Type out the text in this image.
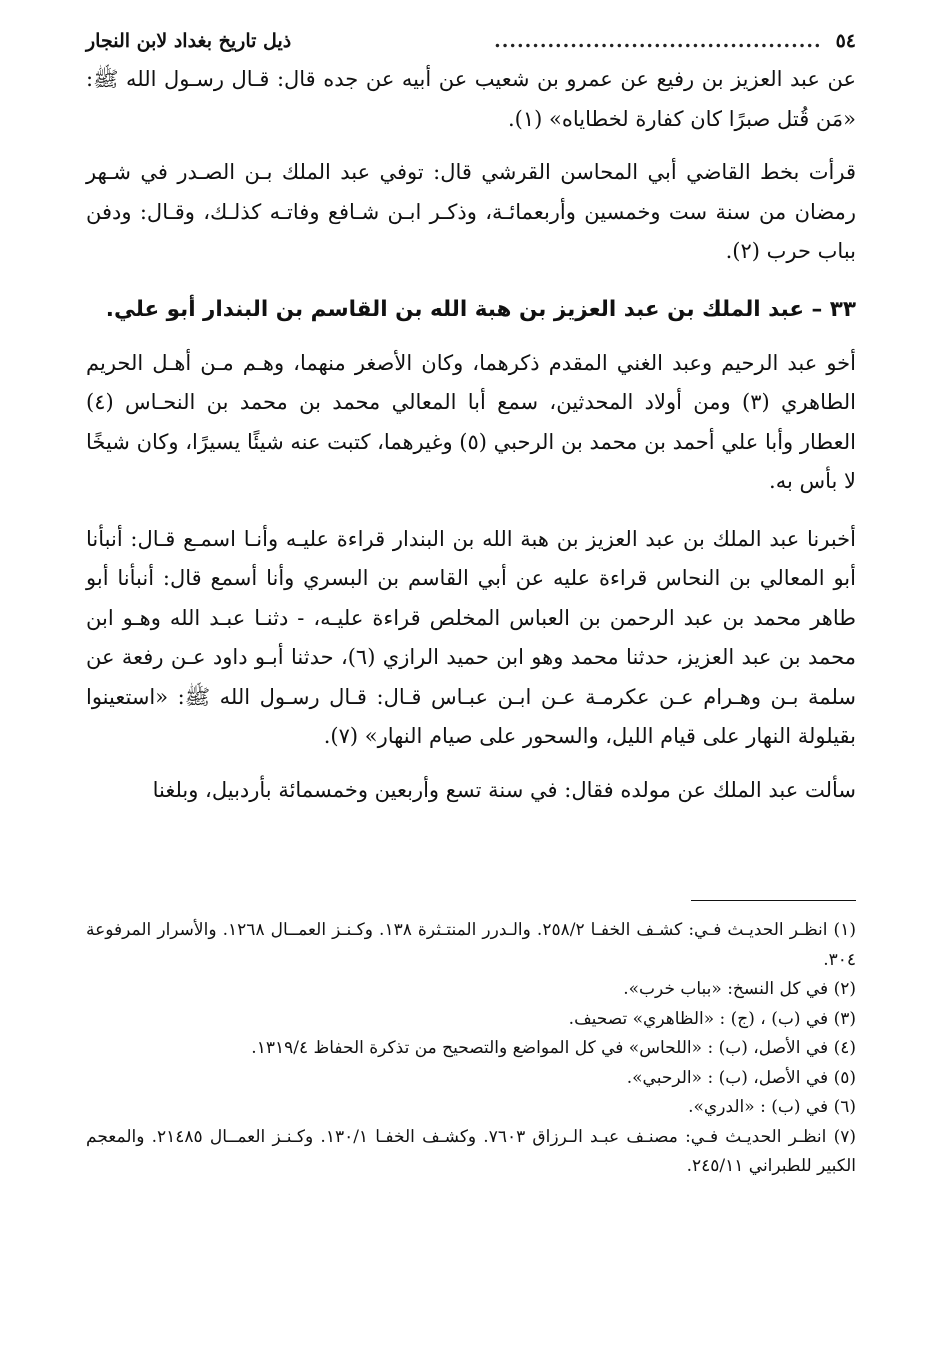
٥٤
...........................................
ذيل تاريخ بغداد لابن النجار

عن عبد العزيز بن رفيع عن عمرو بن شعيب عن أبيه عن جده قال: قـال رسـول الله ﷺ: «مَن قُتل صبرًا كان كفارة لخطاياه» (١).

قرأت بخط القاضي أبي المحاسن القرشي قال: توفي عبد الملك بـن الصـدر في شـهر رمضان من سنة ست وخمسين وأربعمائـة، وذكـر ابـن شـافع وفاتـه كذلـك، وقـال: ودفن بباب حرب (٢).

٣٣ – عبد الملك بن عبد العزيز بن هبة الله بن القاسم بن البندار أبو علي.

أخو عبد الرحيم وعبد الغني المقدم ذكرهما، وكان الأصغر منهما، وهـم مـن أهـل الحريم الطاهري (٣) ومن أولاد المحدثين، سمع أبا المعالي محمد بن محمد بن النحـاس (٤) العطار وأبا علي أحمد بن محمد بن الرحبي (٥) وغيرهما، كتبت عنه شيئًا يسيرًا، وكان شيخًا لا بأس به.

أخبرنا عبد الملك بن عبد العزيز بن هبة الله بن البندار قراءة عليـه وأنـا اسمـع قـال: أنبأنا أبو المعالي بن النحاس قراءة عليه عن أبي القاسم بن البسري وأنا أسمع قال: أنبأنا أبو طاهر محمد بن عبد الرحمن بن العباس المخلص قراءة عليـه، - دثنـا عبـد الله وهـو ابن محمد بن عبد العزيز، حدثنا محمد وهو ابن حميد الرازي (٦)، حدثنا أبـو داود عـن رفعة عن سلمة بـن وهـرام عـن عكرمـة عـن ابـن عبـاس قـال: قـال رسـول الله ﷺ: «استعينوا بقيلولة النهار على قيام الليل، والسحور على صيام النهار» (٧).

سألت عبد الملك عن مولده فقال: في سنة تسع وأربعين وخمسمائة بأردبيل، وبلغنا

(١) انظـر الحديـث فـي: كشـف الخفـا ٢٥٨/٢. والـدرر المنتـثرة ١٣٨. وكـنـز العمــال ١٢٦٨. والأسرار المرفوعة ٣٠٤.

(٢) في كل النسخ: «بباب خرب».

(٣) في (ب) ، (ج) : «الظاهري» تصحيف.

(٤) في الأصل، (ب) : «اللحاس» في كل المواضع والتصحيح من تذكرة الحفاظ ١٣١٩/٤.

(٥) في الأصل، (ب) : «الرحبي».

(٦) في (ب) : «الدري».

(٧) انظـر الحديـث فـي: مصنـف عبـد الـرزاق ٧٦٠٣. وكشـف الخفـا ١٣٠/١. وكـنـز العمــال ٢١٤٨٥. والمعجم الكبير للطبراني ٢٤٥/١١.
